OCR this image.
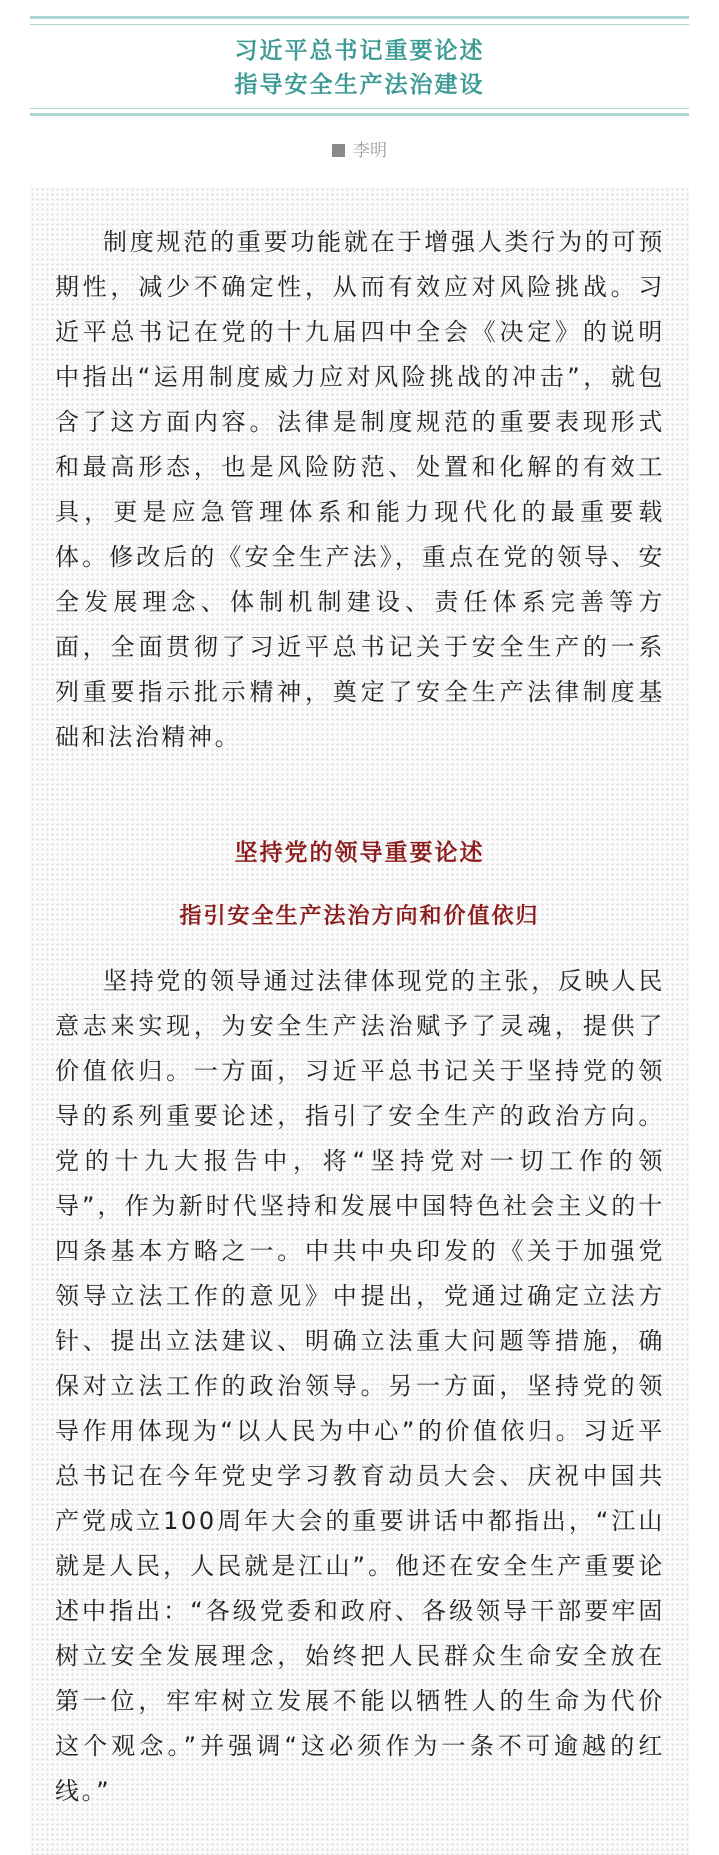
习近平总书记重要论述
指导安全生产法治建设
李明

制度规范的重要功能就在于增强人类行为的可预期性，减少不确定性，从而有效应对风险挑战。习近平总书记在党的十九届四中全会《决定》的说明中指出“运用制度威力应对风险挑战的冲击”，就包含了这方面内容。法律是制度规范的重要表现形式和最高形态，也是风险防范、处置和化解的有效工具，更是应急管理体系和能力现代化的最重要载体。修改后的《安全生产法》，重点在党的领导、安全发展理念、体制机制建设、责任体系完善等方面，全面贯彻了习近平总书记关于安全生产的一系列重要指示批示精神，奠定了安全生产法律制度基础和法治精神。

坚持党的领导重要论述
指引安全生产法治方向和价值依归

坚持党的领导通过法律体现党的主张，反映人民意志来实现，为安全生产法治赋予了灵魂，提供了价值依归。一方面，习近平总书记关于坚持党的领导的系列重要论述，指引了安全生产的政治方向。党的十九大报告中，将“坚持党对一切工作的领导”，作为新时代坚持和发展中国特色社会主义的十四条基本方略之一。中共中央印发的《关于加强党领导立法工作的意见》中提出，党通过确定立法方针、提出立法建议、明确立法重大问题等措施，确保对立法工作的政治领导。另一方面，坚持党的领导作用体现为“以人民为中心”的价值依归。习近平总书记在今年党史学习教育动员大会、庆祝中国共产党成立100周年大会的重要讲话中都指出，“江山就是人民，人民就是江山”。他还在安全生产重要论述中指出：“各级党委和政府、各级领导干部要牢固树立安全发展理念，始终把人民群众生命安全放在第一位，牢牢树立发展不能以牺牲人的生命为代价这个观念。”并强调“这必须作为一条不可逾越的红线。”
